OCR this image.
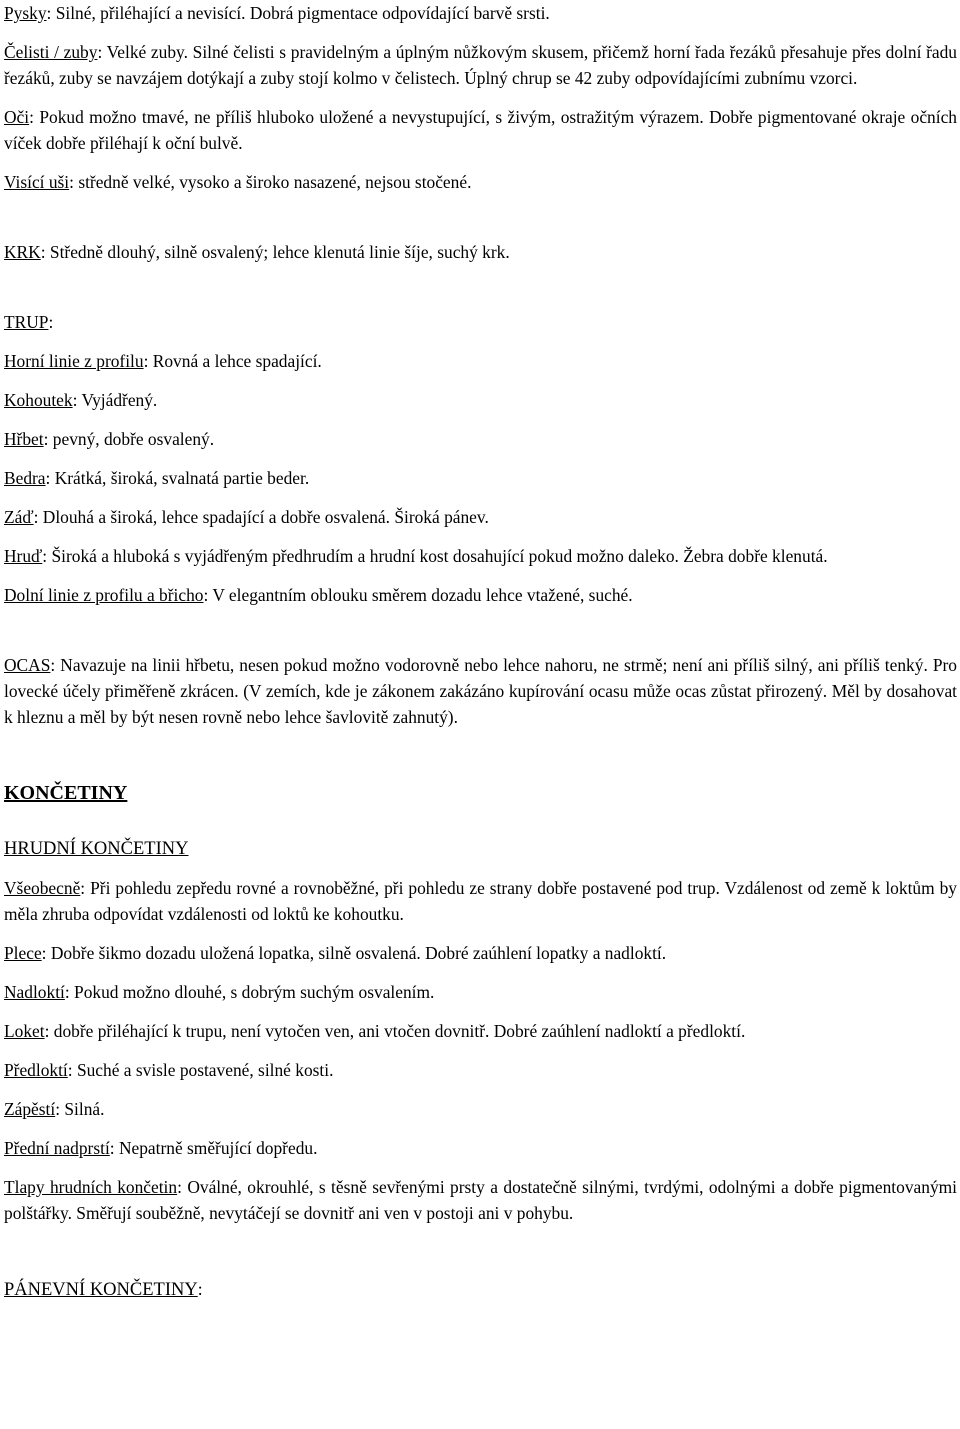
Pysky: Silné, přiléhající a nevisící. Dobrá pigmentace odpovídající barvě srsti.

Čelisti / zuby: Velké zuby. Silné čelisti s pravidelným a úplným nůžkovým skusem, přičemž horní řada řezáků přesahuje přes dolní řadu řezáků, zuby se navzájem dotýkají a zuby stojí kolmo v čelistech. Úplný chrup se 42 zuby odpovídajícími zubnímu vzorci.

Oči: Pokud možno tmavé, ne příliš hluboko uložené a nevystupující, s živým, ostražitým výrazem. Dobře pigmentované okraje očních víček dobře přiléhají k oční bulvě.

Visící uši: středně velké, vysoko a široko nasazené, nejsou stočené.

KRK: Středně dlouhý, silně osvalený; lehce klenutá linie šíje, suchý krk.

TRUP:

Horní linie z profilu: Rovná a lehce spadající.

Kohoutek: Vyjádřený.

Hřbet: pevný, dobře osvalený.

Bedra: Krátká, široká, svalnatá partie beder.

Záď: Dlouhá a široká, lehce spadající a dobře osvalená. Široká pánev.

Hruď: Široká a hluboká s vyjádřeným předhrudím a hrudní kost dosahující pokud možno daleko. Žebra dobře klenutá.

Dolní linie z profilu a břicho: V elegantním oblouku směrem dozadu lehce vtažené, suché.

OCAS: Navazuje na linii hřbetu, nesen pokud možno vodorovně nebo lehce nahoru, ne strmě; není ani příliš silný, ani příliš tenký. Pro lovecké účely přiměřeně zkrácen. (V zemích, kde je zákonem zakázáno kupírování ocasu může ocas zůstat přirozený. Měl by dosahovat k hleznu a měl by být nesen rovně nebo lehce šavlovitě zahnutý).

KONČETINY

HRUDNÍ KONČETINY

Všeobecně: Při pohledu zepředu rovné a rovnoběžné, při pohledu ze strany dobře postavené pod trup. Vzdálenost od země k loktům by měla zhruba odpovídat vzdálenosti od loktů ke kohoutku.

Plece: Dobře šikmo dozadu uložená lopatka, silně osvalená. Dobré zaúhlení lopatky a nadloktí.

Nadloktí: Pokud možno dlouhé, s dobrým suchým osvalením.

Loket: dobře přiléhající k trupu, není vytočen ven, ani vtočen dovnitř. Dobré zaúhlení nadloktí a předloktí.

Předloktí: Suché a svisle postavené, silné kosti.

Zápěstí: Silná.

Přední nadprstí: Nepatrně směřující dopředu.

Tlapy hrudních končetin: Oválné, okrouhlé, s těsně sevřenými prsty a dostatečně silnými, tvrdými, odolnými a dobře pigmentovanými polštářky. Směřují souběžně, nevytáčejí se dovnitř ani ven v postoji ani v pohybu.

PÁNEVNÍ KONČETINY:
